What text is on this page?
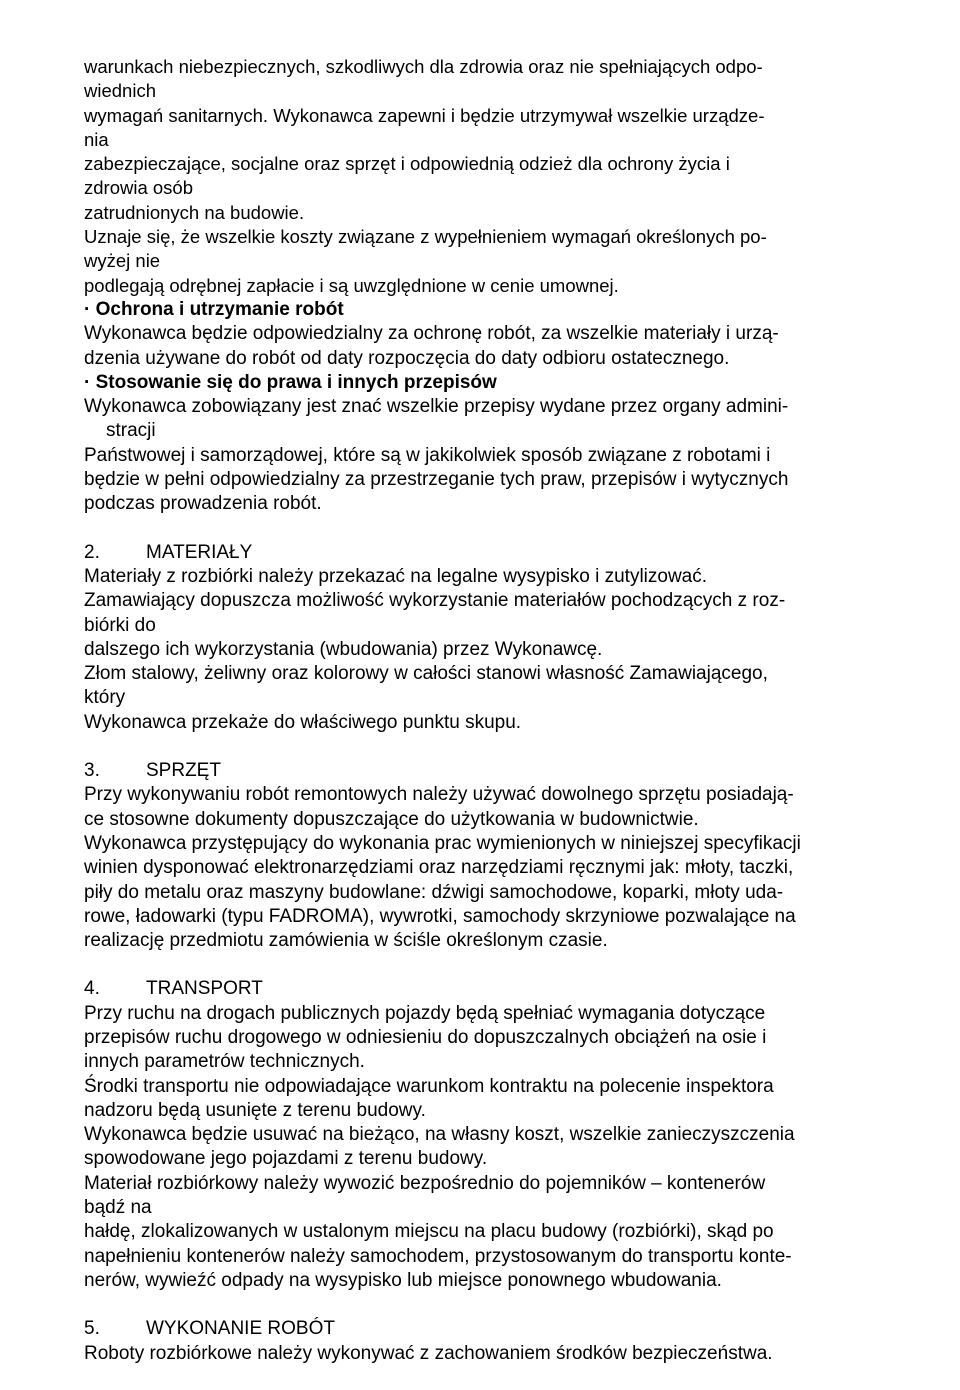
warunkach niebezpiecznych, szkodliwych dla zdrowia oraz nie spełniających odpo-
wiednich
wymagań sanitarnych. Wykonawca zapewni i będzie utrzymywał wszelkie urządze-
nia
zabezpieczające, socjalne oraz sprzęt i odpowiednią odzież dla ochrony życia i
zdrowia osób
zatrudnionych na budowie.
Uznaje się, że wszelkie koszty związane z wypełnieniem wymagań określonych po-
wyżej nie
podlegają odrębnej zapłacie i są uwzględnione w cenie umownej.
· Ochrona i utrzymanie robót
Wykonawca będzie odpowiedzialny za ochronę robót, za wszelkie materiały i urzą-
dzenia używane do robót od daty rozpoczęcia do daty odbioru ostatecznego.
· Stosowanie się do prawa i innych przepisów
Wykonawca zobowiązany jest znać wszelkie przepisy wydane przez organy admini-
stracji
Państwowej i samorządowej, które są w jakikolwiek sposób związane z robotami i
będzie w pełni odpowiedzialny za przestrzeganie tych praw, przepisów i wytycznych
podczas prowadzenia robót.
2. MATERIAŁY
Materiały z rozbiórki należy przekazać na legalne wysypisko i zutylizować.
Zamawiający dopuszcza możliwość wykorzystanie materiałów pochodzących z roz-
biórki do
dalszego ich wykorzystania (wbudowania) przez Wykonawcę.
Złom stalowy, żeliwny oraz kolorowy w całości stanowi własność Zamawiającego,
który
Wykonawca przekaże do właściwego punktu skupu.
3. SPRZĘT
Przy wykonywaniu robót remontowych należy używać dowolnego sprzętu posiadają-
ce stosowne dokumenty dopuszczające do użytkowania w budownictwie.
Wykonawca przystępujący do wykonania prac wymienionych w niniejszej specyfikacji
winien dysponować elektronarzędziami oraz narzędziami ręcznymi jak: młoty, taczki,
piły do metalu oraz maszyny budowlane: dźwigi samochodowe, koparki, młoty uda-
rowe, ładowarki (typu FADROMA), wywrotki, samochody skrzyniowe pozwalające na
realizację przedmiotu zamówienia w ściśle określonym czasie.
4. TRANSPORT
Przy ruchu na drogach publicznych pojazdy będą spełniać wymagania dotyczące
przepisów ruchu drogowego w odniesieniu do dopuszczalnych obciążeń na osie i
innych parametrów technicznych.
Środki transportu nie odpowiadające warunkom kontraktu na polecenie inspektora
nadzoru będą usunięte z terenu budowy.
Wykonawca będzie usuwać na bieżąco, na własny koszt, wszelkie zanieczyszczenia
spowodowane jego pojazdami z terenu budowy.
Materiał rozbiórkowy należy wywozić bezpośrednio do pojemników – kontenerów
bądź na
hałdę, zlokalizowanych w ustalonym miejscu na placu budowy (rozbiórki), skąd po
napełnieniu kontenerów należy samochodem, przystosowanym do transportu konte-
nerów, wywieźć odpady na wysypisko lub miejsce ponownego wbudowania.
5. WYKONANIE ROBÓT
Roboty rozbiórkowe należy wykonywać z zachowaniem środków bezpieczeństwa.
